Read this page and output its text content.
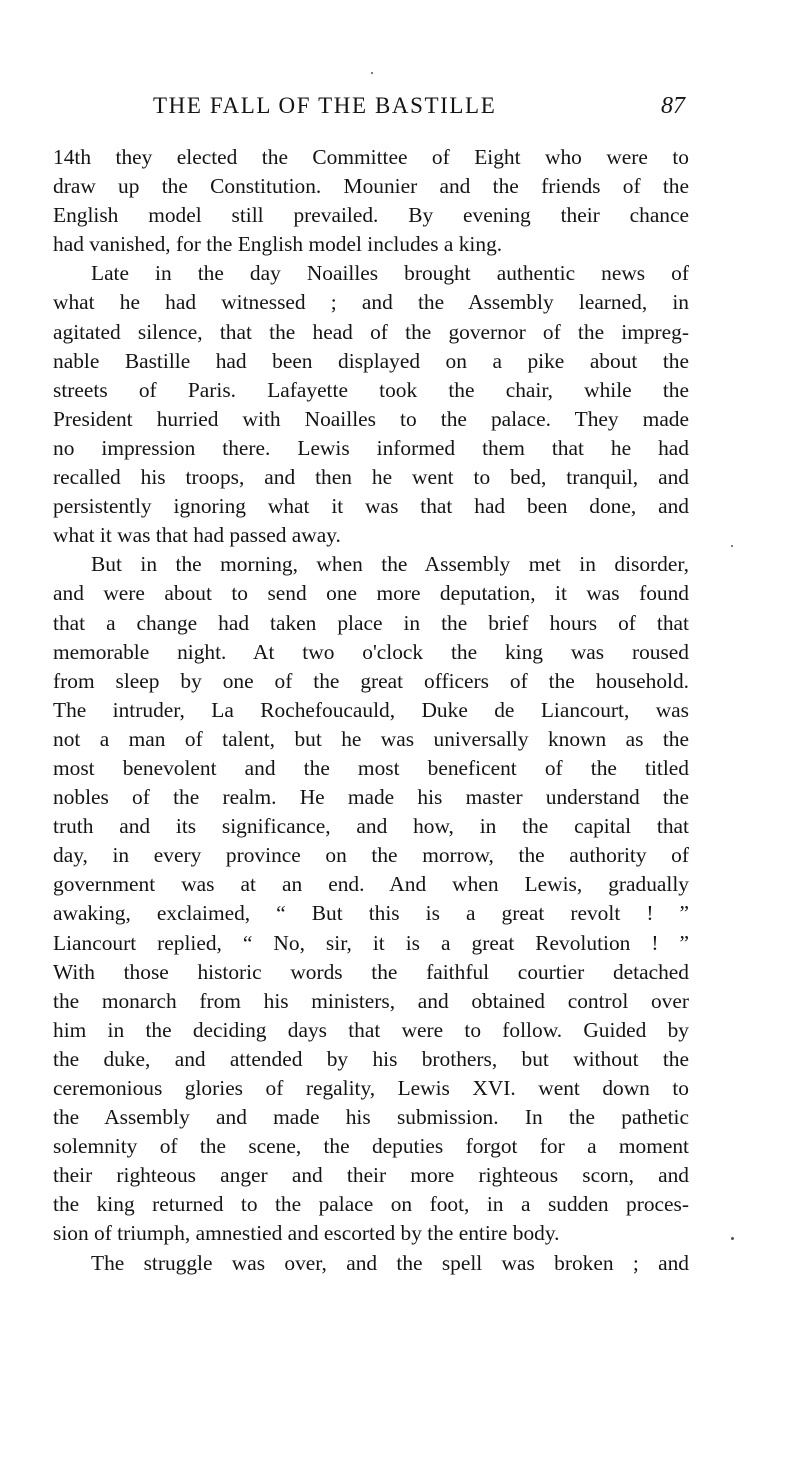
THE FALL OF THE BASTILLE	87
14th they elected the Committee of Eight who were to
draw up the Constitution. Mounier and the friends of the
English model still prevailed. By evening their chance
had vanished, for the English model includes a king.
Late in the day Noailles brought authentic news of
what he had witnessed ; and the Assembly learned, in
agitated silence, that the head of the governor of the impreg-
nable Bastille had been displayed on a pike about the
streets of Paris. Lafayette took the chair, while the
President hurried with Noailles to the palace. They made
no impression there. Lewis informed them that he had
recalled his troops, and then he went to bed, tranquil, and
persistently ignoring what it was that had been done, and
what it was that had passed away.
But in the morning, when the Assembly met in disorder,
and were about to send one more deputation, it was found
that a change had taken place in the brief hours of that
memorable night. At two o'clock the king was roused
from sleep by one of the great officers of the household.
The intruder, La Rochefoucauld, Duke de Liancourt, was
not a man of talent, but he was universally known as the
most benevolent and the most beneficent of the titled
nobles of the realm. He made his master understand the
truth and its significance, and how, in the capital that
day, in every province on the morrow, the authority of
government was at an end. And when Lewis, gradually
awaking, exclaimed, “ But this is a great revolt ! ”
Liancourt replied, “ No, sir, it is a great Revolution ! ”
With those historic words the faithful courtier detached
the monarch from his ministers, and obtained control over
him in the deciding days that were to follow. Guided by
the duke, and attended by his brothers, but without the
ceremonious glories of regality, Lewis XVI. went down to
the Assembly and made his submission. In the pathetic
solemnity of the scene, the deputies forgot for a moment
their righteous anger and their more righteous scorn, and
the king returned to the palace on foot, in a sudden proces-
sion of triumph, amnestied and escorted by the entire body.
The struggle was over, and the spell was broken ; and
